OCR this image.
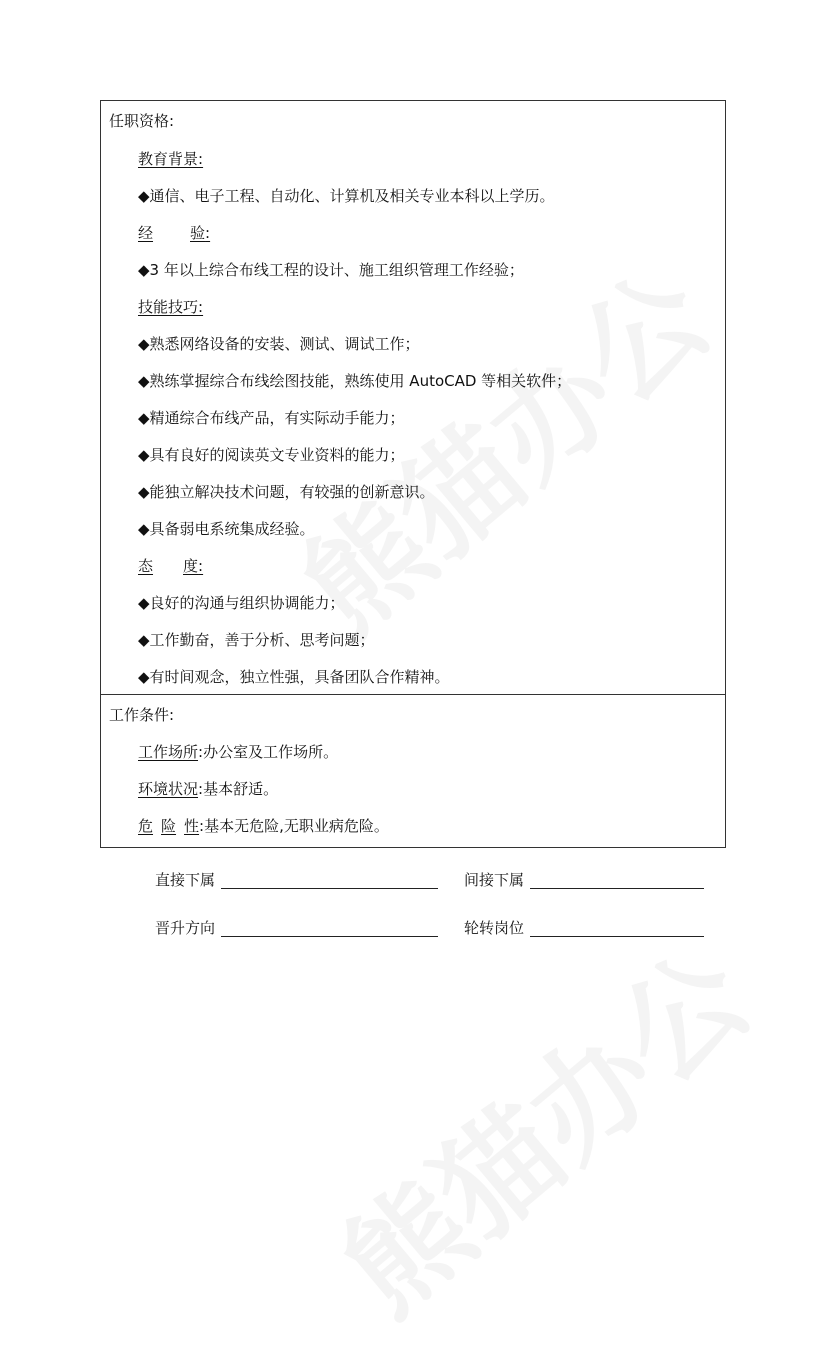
任职资格:
教育背景:
◆通信、电子工程、自动化、计算机及相关专业本科以上学历。
经 验:
◆3 年以上综合布线工程的设计、施工组织管理工作经验；
技能技巧:
◆熟悉网络设备的安装、测试、调试工作；
◆熟练掌握综合布线绘图技能，熟练使用 AutoCAD 等相关软件；
◆精通综合布线产品，有实际动手能力；
◆具有良好的阅读英文专业资料的能力；
◆能独立解决技术问题，有较强的创新意识。
◆具备弱电系统集成经验。
态 度:
◆良好的沟通与组织协调能力；
◆工作勤奋，善于分析、思考问题；
◆有时间观念，独立性强，具备团队合作精神。
工作条件:
工作场所:办公室及工作场所。
环境状况:基本舒适。
危 险 性:基本无危险,无职业病危险。
直接下属	间接下属
晋升方向	轮转岗位
